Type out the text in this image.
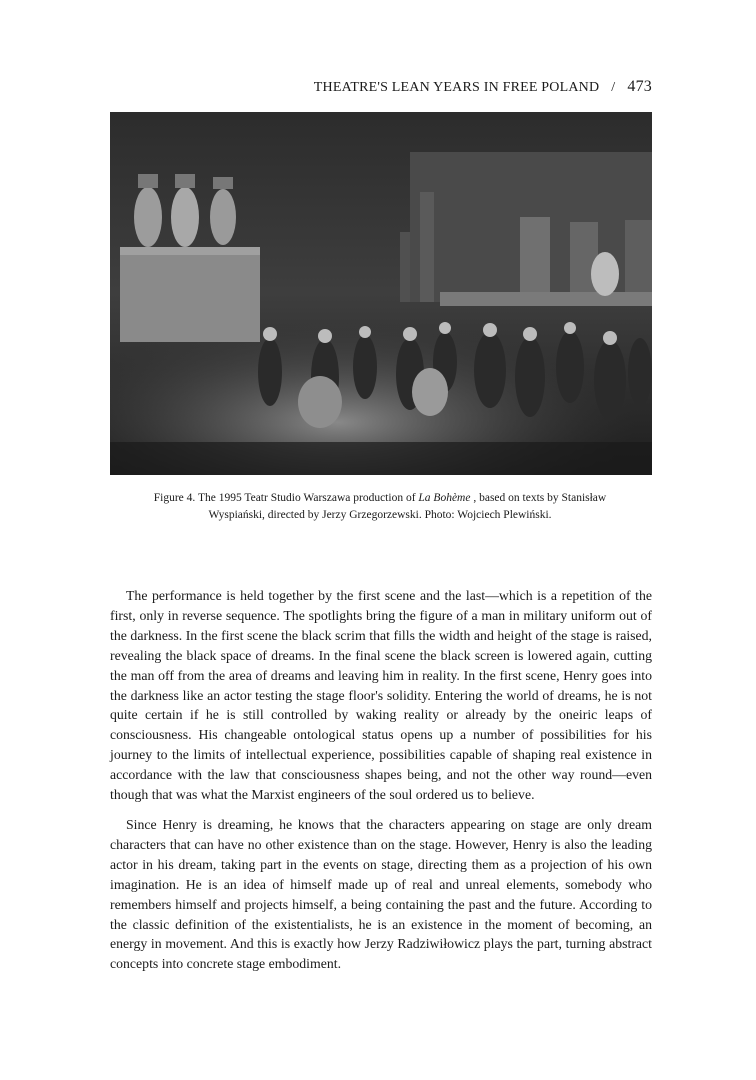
THEATRE'S LEAN YEARS IN FREE POLAND / 473
Figure 4. The 1995 Teatr Studio Warszawa production of La Bohème , based on texts by Stanisław Wyspiański, directed by Jerzy Grzegorzewski. Photo: Wojciech Plewiński.

The performance is held together by the first scene and the last—which is a repetition of the first, only in reverse sequence. The spotlights bring the figure of a man in military uniform out of the darkness. In the first scene the black scrim that fills the width and height of the stage is raised, revealing the black space of dreams. In the final scene the black screen is lowered again, cutting the man off from the area of dreams and leaving him in reality. In the first scene, Henry goes into the darkness like an actor testing the stage floor's solidity. Entering the world of dreams, he is not quite certain if he is still controlled by waking reality or already by the oneiric leaps of consciousness. His changeable ontological status opens up a number of possibilities for his journey to the limits of intellectual experience, possibilities capable of shaping real existence in accordance with the law that consciousness shapes being, and not the other way round—even though that was what the Marxist engineers of the soul ordered us to believe.

Since Henry is dreaming, he knows that the characters appearing on stage are only dream characters that can have no other existence than on the stage. However, Henry is also the leading actor in his dream, taking part in the events on stage, directing them as a projection of his own imagination. He is an idea of himself made up of real and unreal elements, somebody who remembers himself and projects himself, a being containing the past and the future. According to the classic definition of the existentialists, he is an existence in the moment of becoming, an energy in movement. And this is exactly how Jerzy Radziwiłowicz plays the part, turning abstract concepts into concrete stage embodiment.
